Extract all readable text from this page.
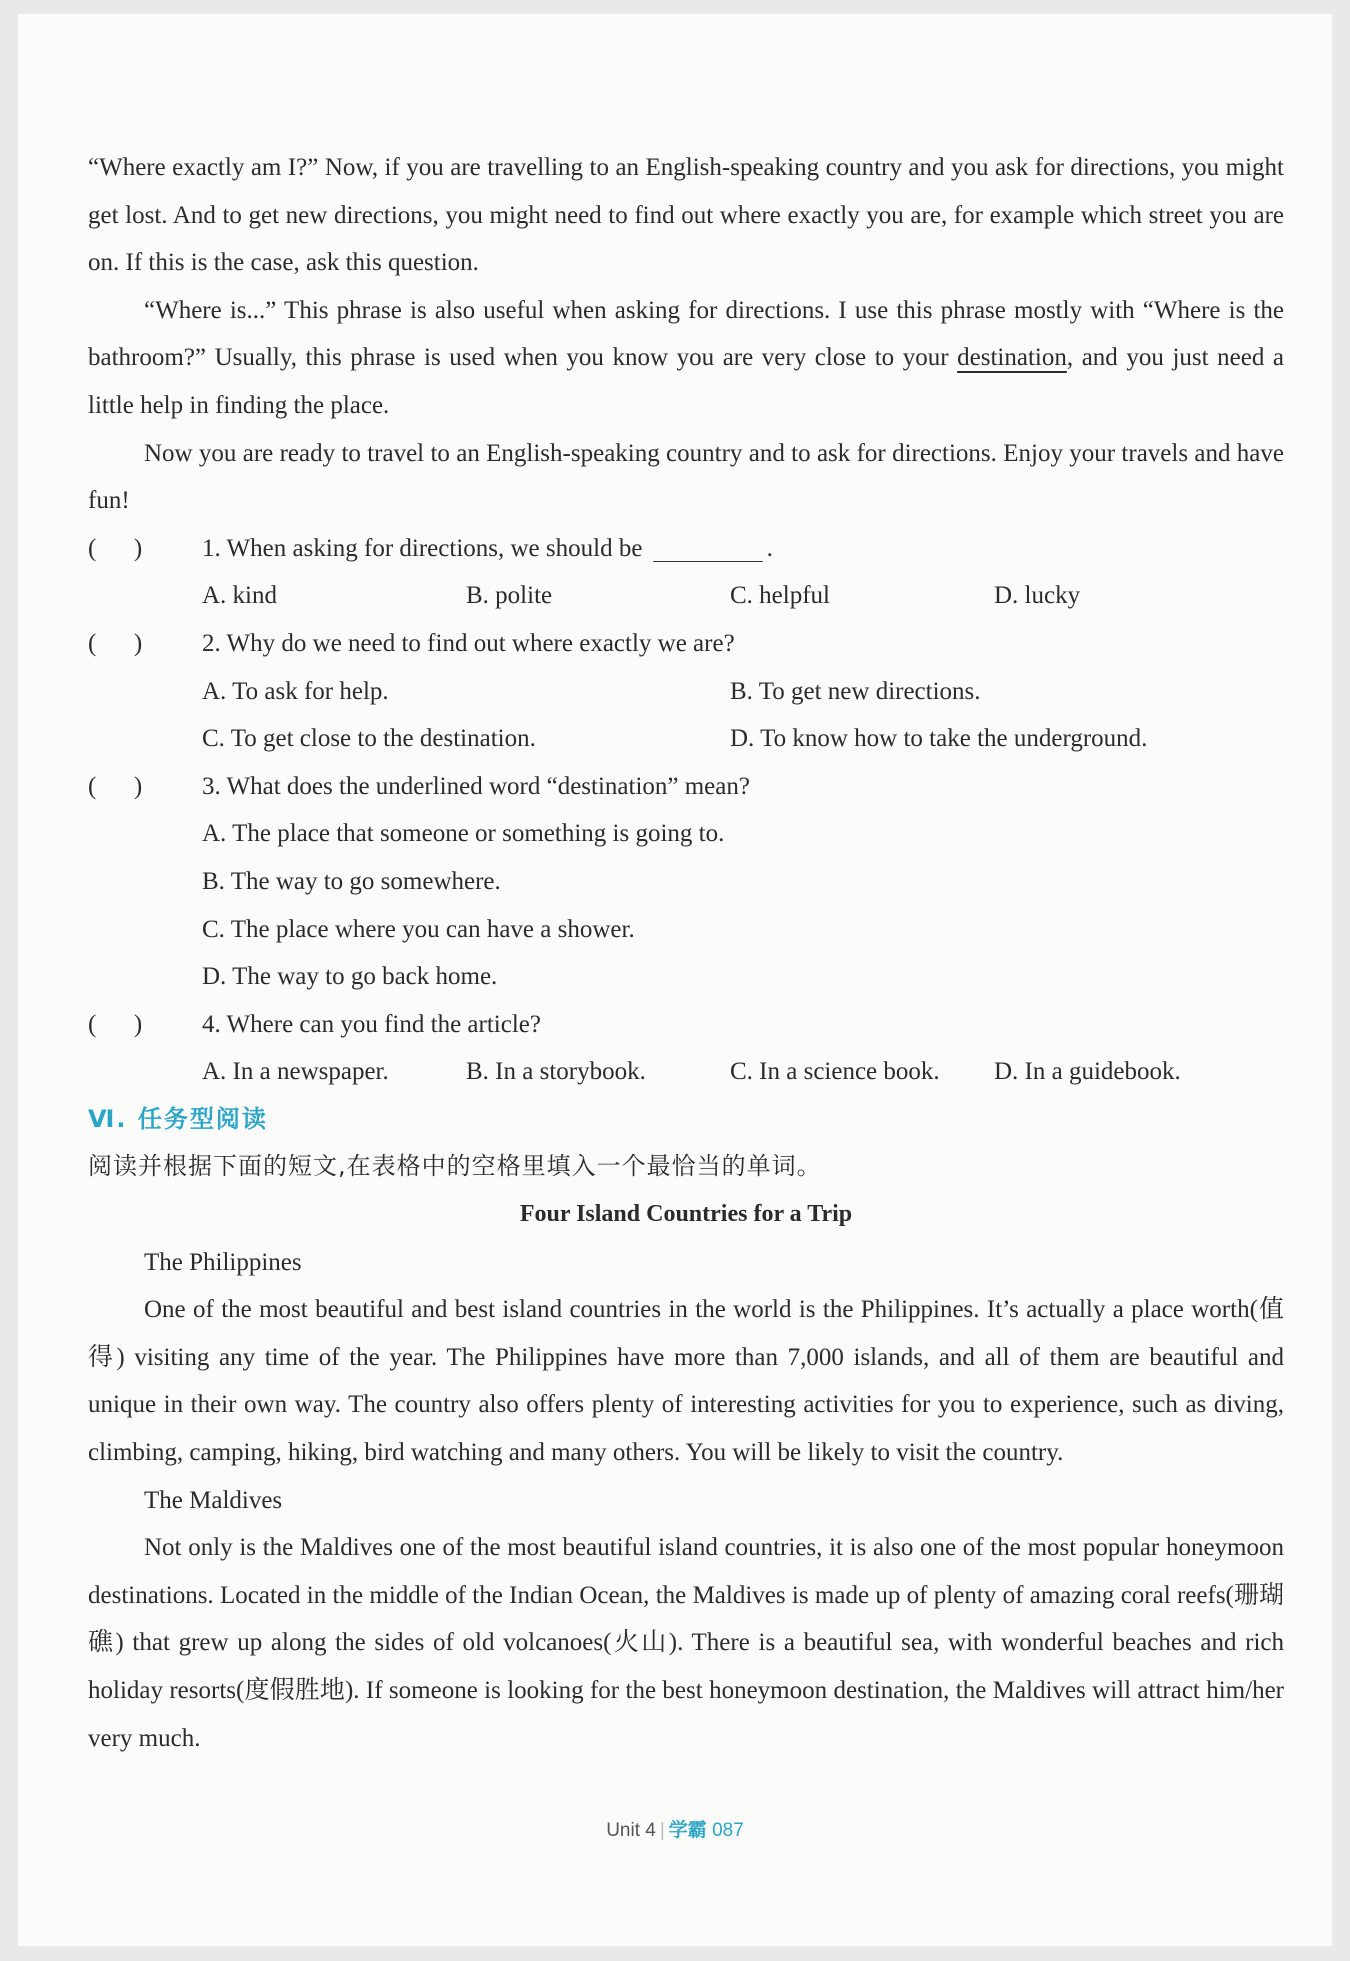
“Where exactly am I?” Now, if you are travelling to an English-speaking country and you ask for directions, you might get lost. And to get new directions, you might need to find out where exactly you are, for example which street you are on. If this is the case, ask this question.

“Where is...” This phrase is also useful when asking for directions. I use this phrase mostly with “Where is the bathroom?” Usually, this phrase is used when you know you are very close to your destination, and you just need a little help in finding the place.

Now you are ready to travel to an English-speaking country and to ask for directions. Enjoy your travels and have fun!

(      )	1. When asking for directions, we should be	.
A. kind	B. polite	C. helpful	D. lucky
(      )	2. Why do we need to find out where exactly we are?
A. To ask for help.	B. To get new directions.
C. To get close to the destination.	D. To know how to take the underground.
(      )	3. What does the underlined word “destination” mean?
A. The place that someone or something is going to.
B. The way to go somewhere.
C. The place where you can have a shower.
D. The way to go back home.
(      )	4. Where can you find the article?
A. In a newspaper.	B. In a storybook.	C. In a science book.	D. In a guidebook.
Ⅵ. 任务型阅读
阅读并根据下面的短文,在表格中的空格里填入一个最恰当的单词。
Four Island Countries for a Trip

The Philippines

One of the most beautiful and best island countries in the world is the Philippines. It’s actually a place worth(值得) visiting any time of the year. The Philippines have more than 7,000 islands, and all of them are beautiful and unique in their own way. The country also offers plenty of interesting activities for you to experience, such as diving, climbing, camping, hiking, bird watching and many others. You will be likely to visit the country.

The Maldives

Not only is the Maldives one of the most beautiful island countries, it is also one of the most popular honeymoon destinations. Located in the middle of the Indian Ocean, the Maldives is made up of plenty of amazing coral reefs(珊瑚礁) that grew up along the sides of old volcanoes(火山). There is a beautiful sea, with wonderful beaches and rich holiday resorts(度假胜地). If someone is looking for the best honeymoon destination, the Maldives will attract him/her very much.

Unit 4 | 学霸 087
